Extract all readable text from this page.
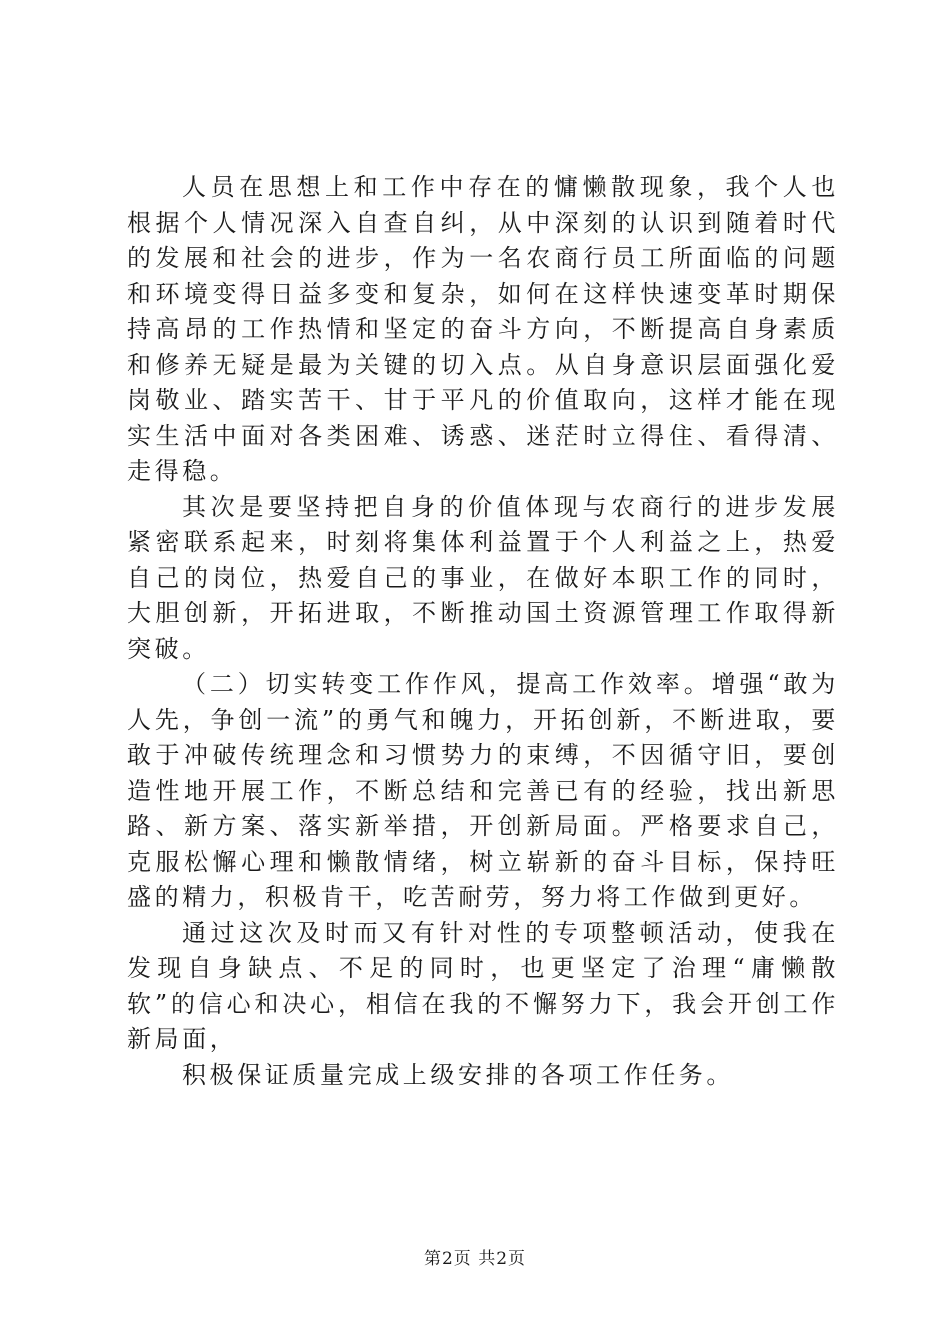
人员在思想上和工作中存在的慵懒散现象，我个人也根据个人情况深入自查自纠，从中深刻的认识到随着时代的发展和社会的进步，作为一名农商行员工所面临的问题和环境变得日益多变和复杂，如何在这样快速变革时期保持高昂的工作热情和坚定的奋斗方向，不断提高自身素质和修养无疑是最为关键的切入点。从自身意识层面强化爱岗敬业、踏实苦干、甘于平凡的价值取向，这样才能在现实生活中面对各类困难、诱惑、迷茫时立得住、看得清、走得稳。

其次是要坚持把自身的价值体现与农商行的进步发展紧密联系起来，时刻将集体利益置于个人利益之上，热爱自己的岗位，热爱自己的事业，在做好本职工作的同时，大胆创新，开拓进取，不断推动国土资源管理工作取得新突破。

（二）切实转变工作作风，提高工作效率。增强“敢为人先，争创一流”的勇气和魄力，开拓创新，不断进取，要敢于冲破传统理念和习惯势力的束缚，不因循守旧，要创造性地开展工作，不断总结和完善已有的经验，找出新思路、新方案、落实新举措，开创新局面。严格要求自己，克服松懈心理和懒散情绪，树立崭新的奋斗目标，保持旺盛的精力，积极肯干，吃苦耐劳，努力将工作做到更好。

通过这次及时而又有针对性的专项整顿活动，使我在发现自身缺点、不足的同时，也更坚定了治理“庸懒散软”的信心和决心，相信在我的不懈努力下，我会开创工作新局面，

积极保证质量完成上级安排的各项工作任务。

第2页 共2页
